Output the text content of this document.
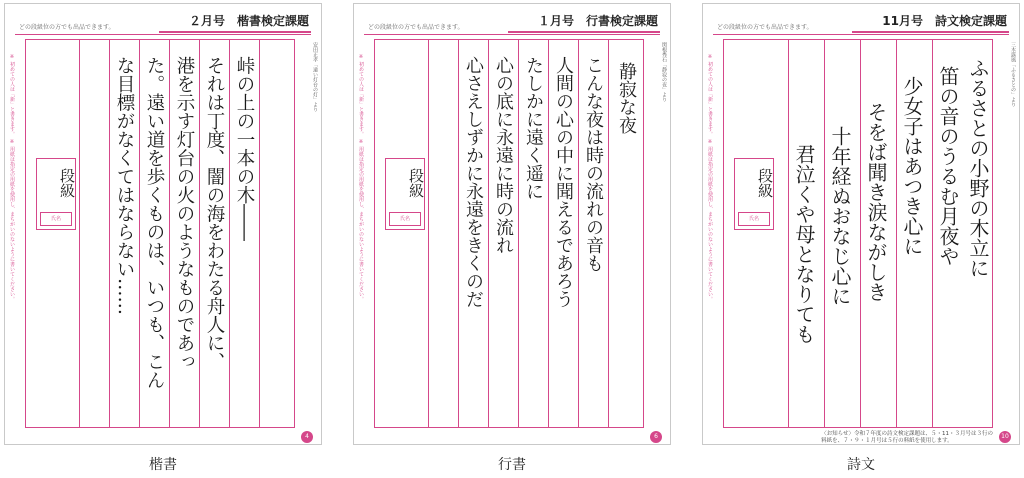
どの段級位の方でも出品できます。	２月号　楷書検定課題
※ 初めての人は「新」と書きます。　※ 用紙は指定の用紙を使用し、まちがいのないように書いてください。	段級
氏名	峠の上の一本の木――
それは丁度、闇の海をわたる舟人に、
港を示す灯台の火のようなものであっ
た。遠い道を歩くものは、いつも、こん
な目標がなくてはならない……	安田正孝「遠い灯台の灯」より
4
楷書
どの段級位の方でも出品できます。	１月号　行書検定課題
※ 初めての人は「新」と書きます。　※ 用紙は指定の用紙を使用し、まちがいのないように書いてください。	段級
氏名
静寂な夜
こんな夜は時の流れの音も
人間の心の中に聞えるであろう
たしかに遠く遥に
心の底に永遠に時の流れ
心さえしずかに永遠をきくのだ	関根秀石「静寂の夜」より
6
行書
どの段級位の方でも出品できます。	11月号　詩文検定課題
※ 初めての人は「新」と書きます。　※ 用紙は指定の用紙を使用し、まちがいのないように書いてください。	段級
氏名	ふるさとの小野の木立に
笛の音のうるむ月夜や
少女子はあつき心に
そをば聞き涙ながしき
十年経ぬおなじ心に
君泣くや母となりても
三木露風「ふるさとの」より
〈お知らせ〉令和７年度の詩文検定課題は、５・11・３月号は３行の
料紙を、７・９・１月号は５行の料紙を使用します。
10
詩文
